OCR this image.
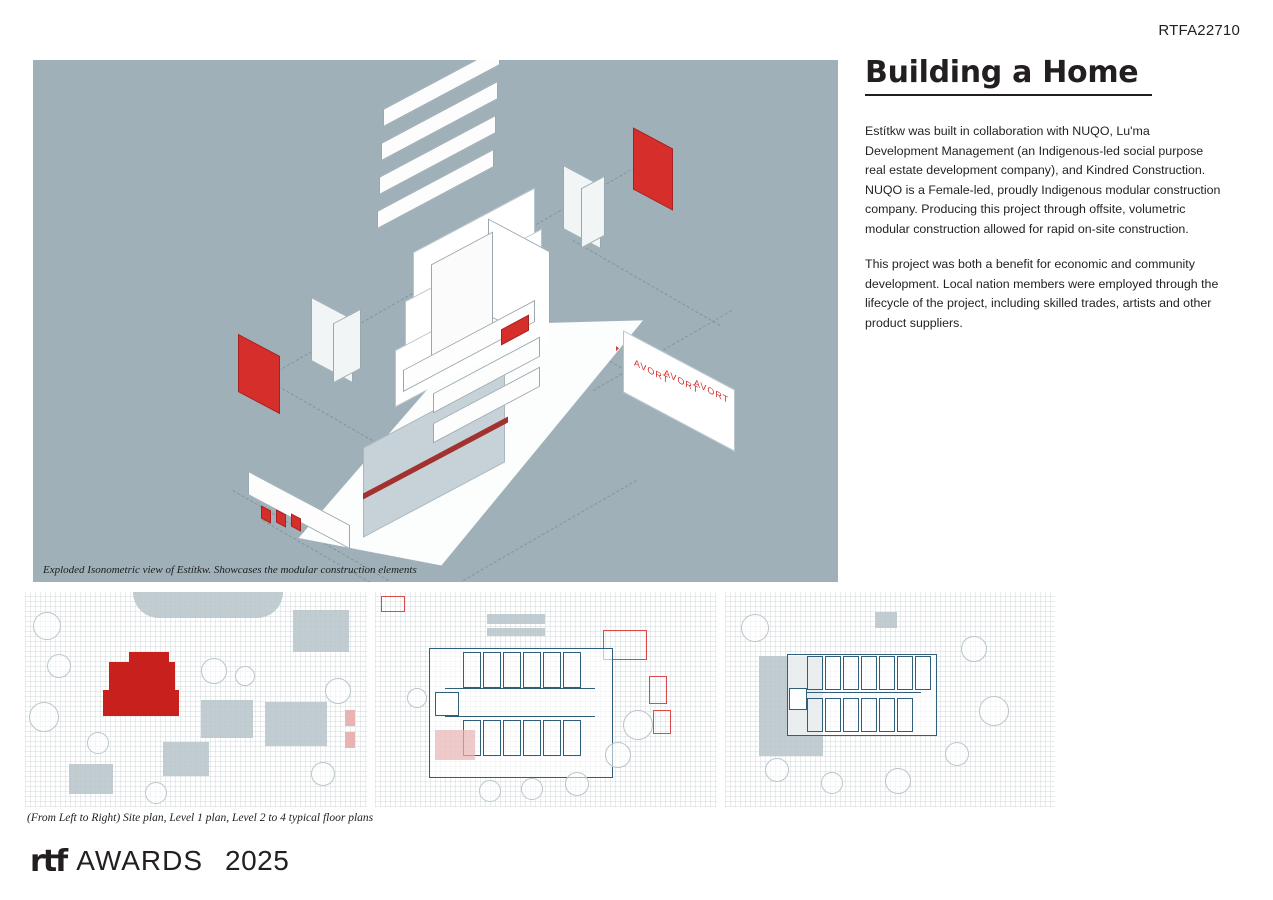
RTFA22710
AVORT
AVORT
AVORT
Exploded Isonometric view of Estítkw. Showcases the modular construction elements
Building a Home

Estítkw was built in collaboration with NUQO, Lu'ma Development Management (an Indigenous-led social purpose real estate development company), and Kindred Construction. NUQO is a Female-led, proudly Indigenous modular construction company. Producing this project through offsite, volumetric modular construction allowed for rapid on-site construction.

This project was both a benefit for economic and community development. Local nation members were employed through the lifecycle of the project, including skilled trades, artists and other product suppliers.

(From Left to Right) Site plan, Level 1 plan, Level 2 to 4 typical floor plans
rtf AWARDS 2025
